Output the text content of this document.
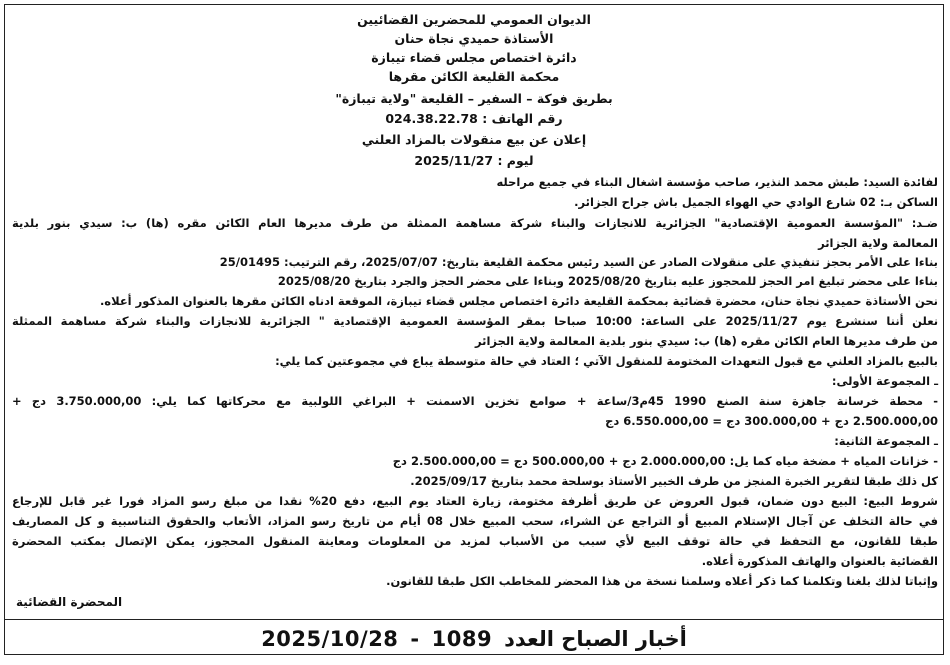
الديوان العمومي للمحضرين القضائيين
الأستاذة حميدي نجاة حنان
دائرة اختصاص مجلس قضاء تيبازة
محكمة القليعة الكائن مقرها
بطريق فوكة – السفير – القليعة "ولاية تيبازة"
رقم الهاتف : 024.38.22.78
إعلان عن بيع منقولات بالمزاد العلني
ليوم : 2025/11/27
لفائدة السيد: طبش محمد النذير، صاحب مؤسسة اشغال البناء في جميع مراحله
الساكن بـ: 02 شارع الوادي حي الهواء الجميل باش جراح الجزائر.
ضـد: "المؤسسة العمومية الإقتصادية" الجزائرية للانجازات والبناء شركة مساهمة الممثلة من طرف مديرها العام الكائن مقره (ها) ب: سيدي بنور بلدية
المعالمة ولاية الجزائر
بناءا على الأمر بحجز تنفيذي على منقولات الصادر عن السيد رئيس محكمة القليعة بتاريخ: 2025/07/07، رقم الترتيب: 25/01495
بناءا على محضر تبليغ امر الحجز للمحجوز عليه بتاريخ 2025/08/20 وبناءا على محضر الحجز والجرد بتاريخ 2025/08/20
نحن الأستاذة حميدي نجاة حنان، محضرة قضائية بمحكمة القليعة دائرة اختصاص مجلس قضاء تيبازة، الموقعة ادناه الكائن مقرها بالعنوان المذكور أعلاه.
نعلن أننا سنشرع يوم 2025/11/27 على الساعة: 10:00 صباحا بمقر المؤسسة العمومية الإقتصادية " الجزائرية للانجازات والبناء شركة مساهمة الممثلة
من طرف مديرها العام الكائن مقره (ها) ب: سيدي بنور بلدية المعالمة ولاية الجزائر
بالبيع بالمزاد العلني مع قبول التعهدات المختومة للمنقول الآتي ؛ العتاد في حالة متوسطة يباع في مجموعتين كما يلي:
ـ المجموعة الأولى:
- محطة خرسانة جاهزة سنة الصنع 1990 45م3/ساعة + صوامع تخزين الاسمنت + البراغي اللولبية مع محركاتها كما يلي: 3.750.000,00 دج +
2.500.000,00 دج + 300.000,00 دج = 6.550.000,00 دج
ـ المجموعة الثانية:
- خزانات المياه + مضخة مياه كما يل: 2.000.000,00 دج + 500.000,00 دج = 2.500.000,00 دج
كل ذلك طبقا لتقرير الخبرة المنجز من طرف الخبير الأستاذ بوسلحة محمد بتاريخ 2025/09/17.
شروط البيع: البيع دون ضمان، قبول العروض عن طريق أظرفة مختومة، زيارة العتاد يوم البيع، دفع 20% نقدا من مبلغ رسو المزاد فورا غير قابل للإرجاع
في حالة التخلف عن آجال الإستلام المبيع أو التراجع عن الشراء، سحب المبيع خلال 08 أيام من تاريخ رسو المزاد، الأتعاب والحقوق التناسبية و كل المصاريف
طبقا للقانون، مع التحفظ في حالة توقف البيع لأي سبب من الأسباب لمزيد من المعلومات ومعاينة المنقول المحجوز، يمكن الإتصال بمكتب المحضرة
القضائية بالعنوان والهاتف المذكورة أعلاه.
وإثباتا لذلك بلغنا وتكلمنا كما ذكر أعلاه وسلمنا نسخة من هذا المحضر للمخاطب الكل طبقا للقانون.
المحضرة القضائية
أخبار الصباح العدد
1089
-
2025/10/28
